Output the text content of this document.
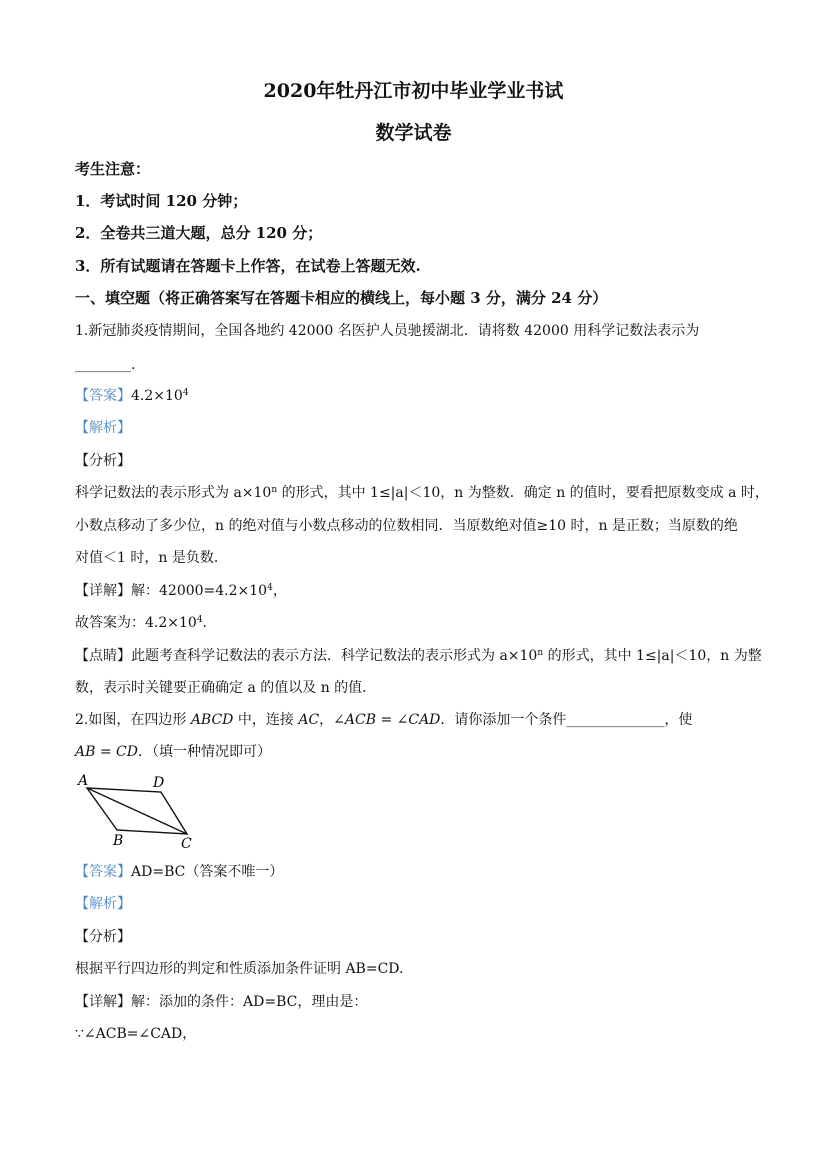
2020年牡丹江市初中毕业学业书试
数学试卷
考生注意：
1．考试时间 120 分钟；
2．全卷共三道大题，总分 120 分；
3．所有试题请在答题卡上作答，在试卷上答题无效.
一、填空题（将正确答案写在答题卡相应的横线上，每小题 3 分，满分 24 分）
1.新冠肺炎疫情期间，全国各地约 42000 名医护人员驰援湖北．请将数 42000 用科学记数法表示为
________.
【答案】$4.2\times 10^4$
【解析】
【分析】
科学记数法的表示形式为 $a\times 10^n$ 的形式，其中 1≤|a|＜10，n 为整数．确定 n 的值时，要看把原数变成 a 时，
小数点移动了多少位，n 的绝对值与小数点移动的位数相同．当原数绝对值≥10 时，n 是正数；当原数的绝
对值＜1 时，n 是负数．
【详解】解：$42000=4.2\times 10^4$，
故答案为：$4.2\times 10^4$.
【点睛】此题考查科学记数法的表示方法．科学记数法的表示形式为 $a\times 10^n$ 的形式，其中 1≤|a|＜10，n 为整
数，表示时关键要正确确定 a 的值以及 n 的值．
2.如图，在四边形 ABCD 中，连接 AC，∠ACB = ∠CAD．请你添加一个条件______________，使
AB = CD．（填一种情况即可）
A	D
B	C
【答案】AD=BC（答案不唯一）
【解析】
【分析】
根据平行四边形的判定和性质添加条件证明 AB=CD.
【详解】解：添加的条件：AD=BC，理由是：
∵∠ACB=∠CAD，
